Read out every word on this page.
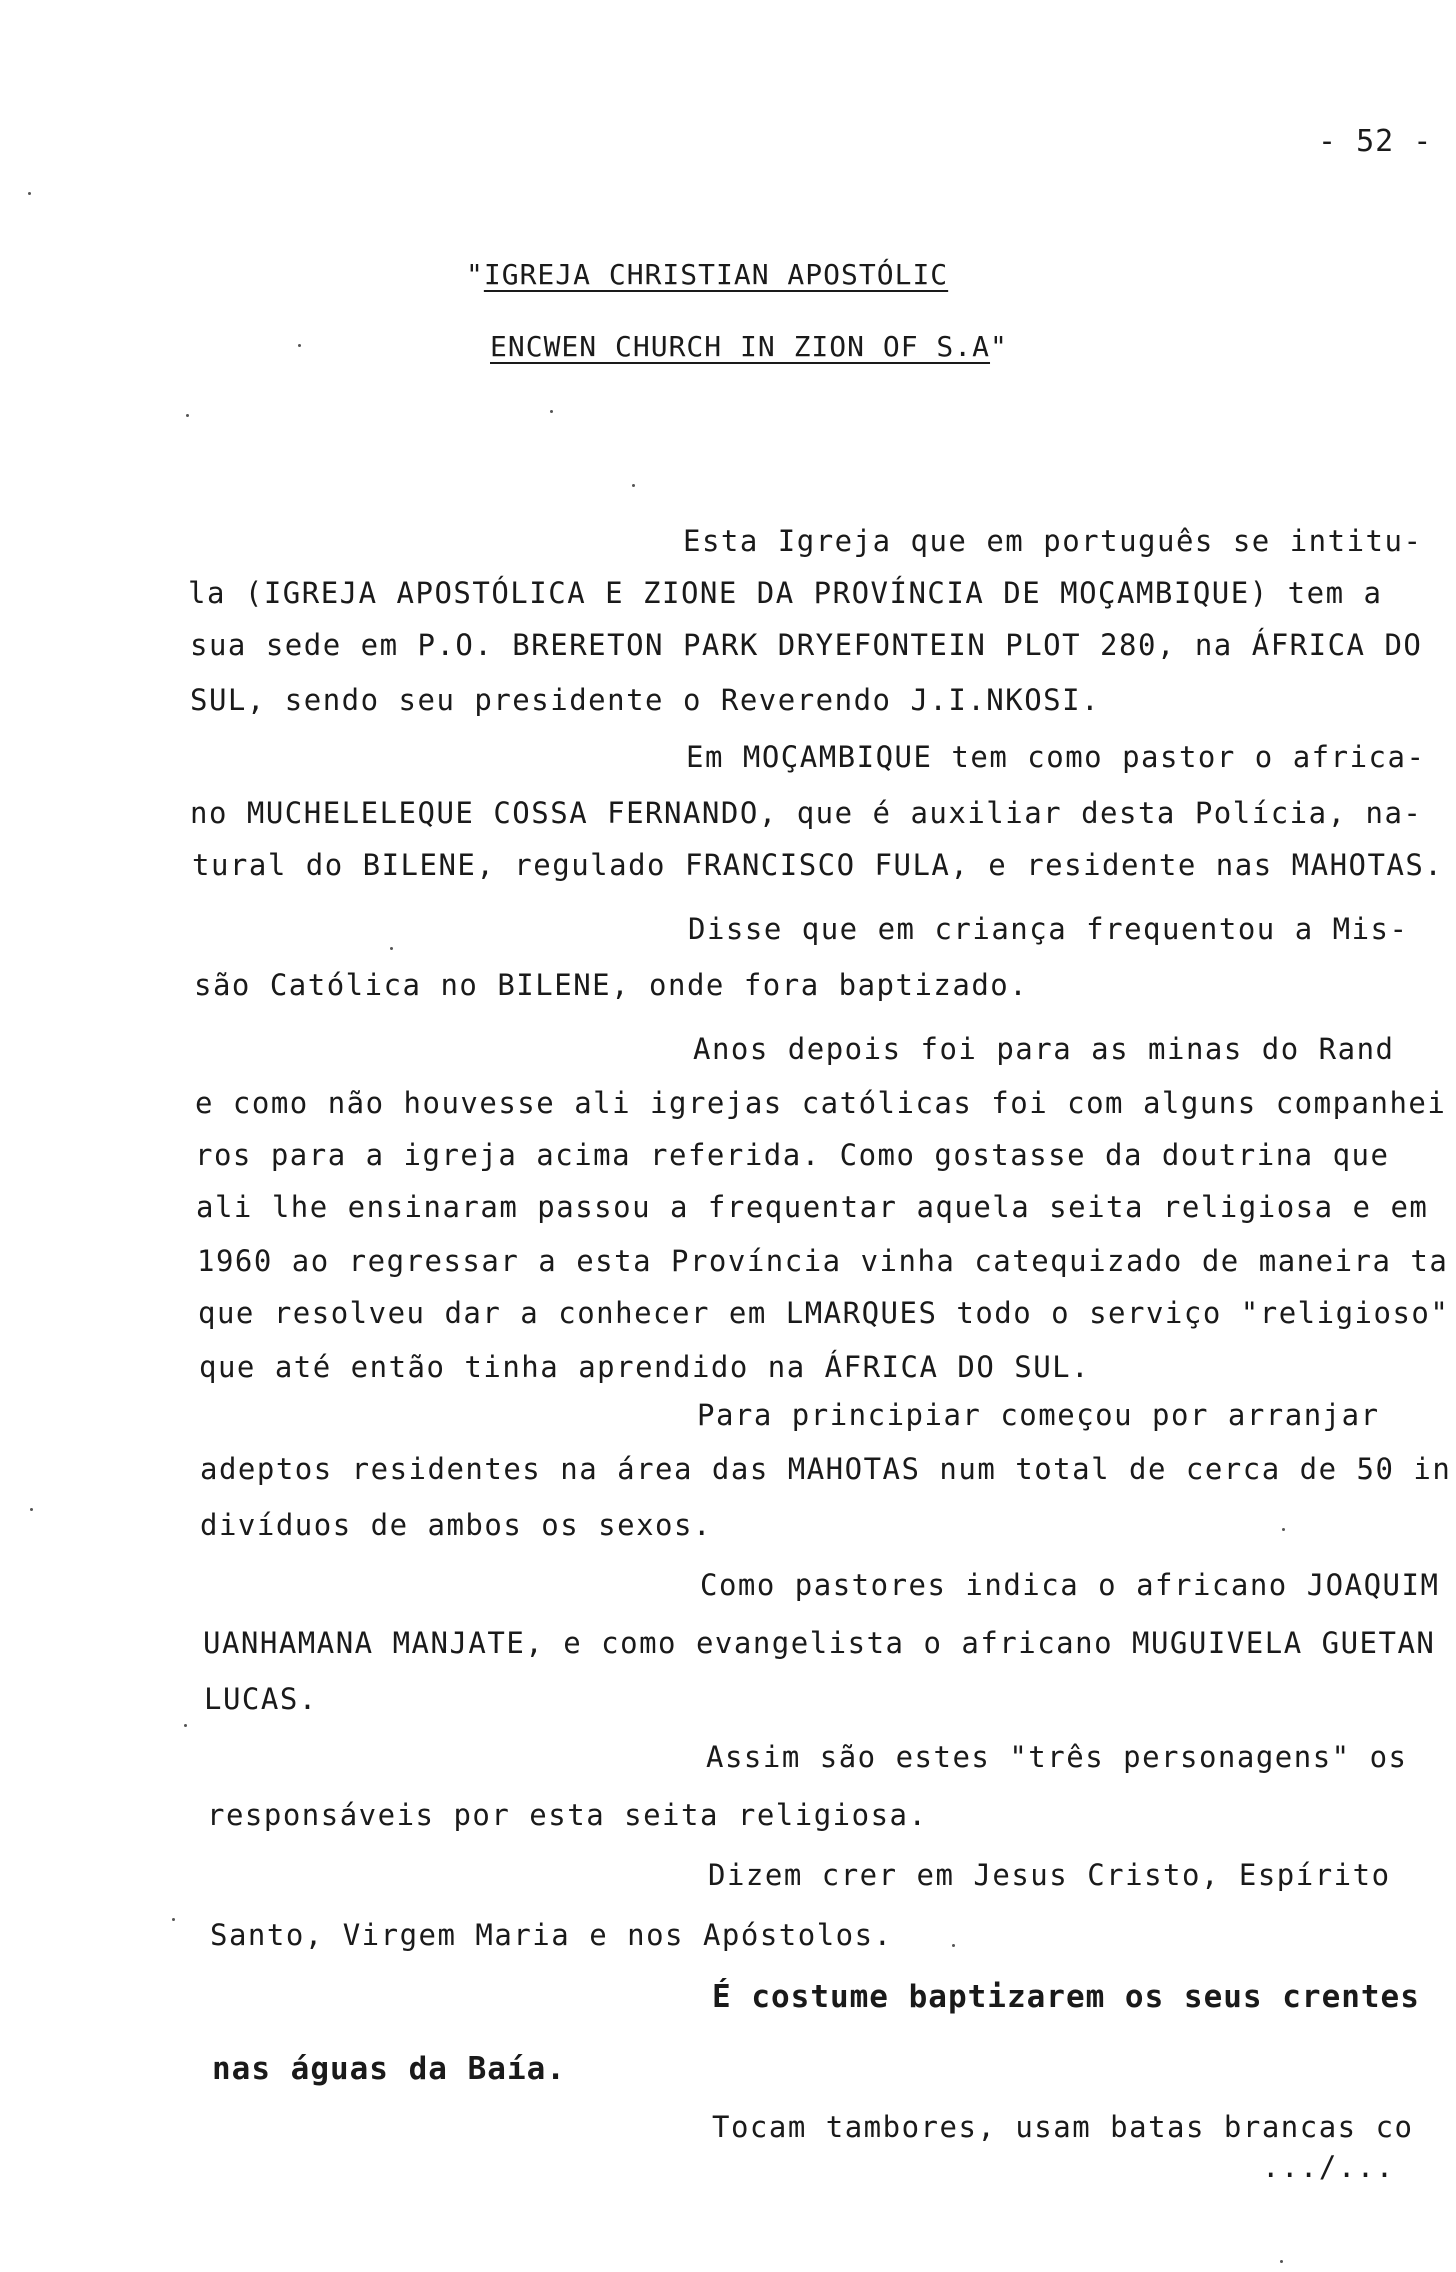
- 52 -
"IGREJA CHRISTIAN APOSTÓLIC
ENCWEN CHURCH IN ZION OF S.A"
Esta Igreja que em português se intitu-
la (IGREJA APOSTÓLICA E ZIONE DA PROVÍNCIA DE MOÇAMBIQUE) tem a
sua sede em P.O. BRERETON PARK DRYEFONTEIN PLOT 280, na ÁFRICA DO
SUL, sendo seu presidente o Reverendo J.I.NKOSI.
Em MOÇAMBIQUE tem como pastor o africa-
no MUCHELELEQUE COSSA FERNANDO, que é auxiliar desta Polícia, na-
tural do BILENE, regulado FRANCISCO FULA, e residente nas MAHOTAS.
Disse que em criança frequentou a Mis-
são Católica no BILENE, onde fora baptizado.
Anos depois foi para as minas do Rand
e como não houvesse ali igrejas católicas foi com alguns companhei
ros para a igreja acima referida. Como gostasse da doutrina que
ali lhe ensinaram passou a frequentar aquela seita religiosa e em
1960 ao regressar a esta Província vinha catequizado de maneira ta
que resolveu dar a conhecer em LMARQUES todo o serviço "religioso"
que até então tinha aprendido na ÁFRICA DO SUL.
Para principiar começou por arranjar
adeptos residentes na área das MAHOTAS num total de cerca de 50 in
divíduos de ambos os sexos.
Como pastores indica o africano JOAQUIM
UANHAMANA MANJATE, e como evangelista o africano MUGUIVELA GUETAN
LUCAS.
Assim são estes "três personagens" os
responsáveis por esta seita religiosa.
Dizem crer em Jesus Cristo, Espírito
Santo, Virgem Maria e nos Apóstolos.
É costume baptizarem os seus crentes
nas águas da Baía.
Tocam tambores, usam batas brancas co
.../...
